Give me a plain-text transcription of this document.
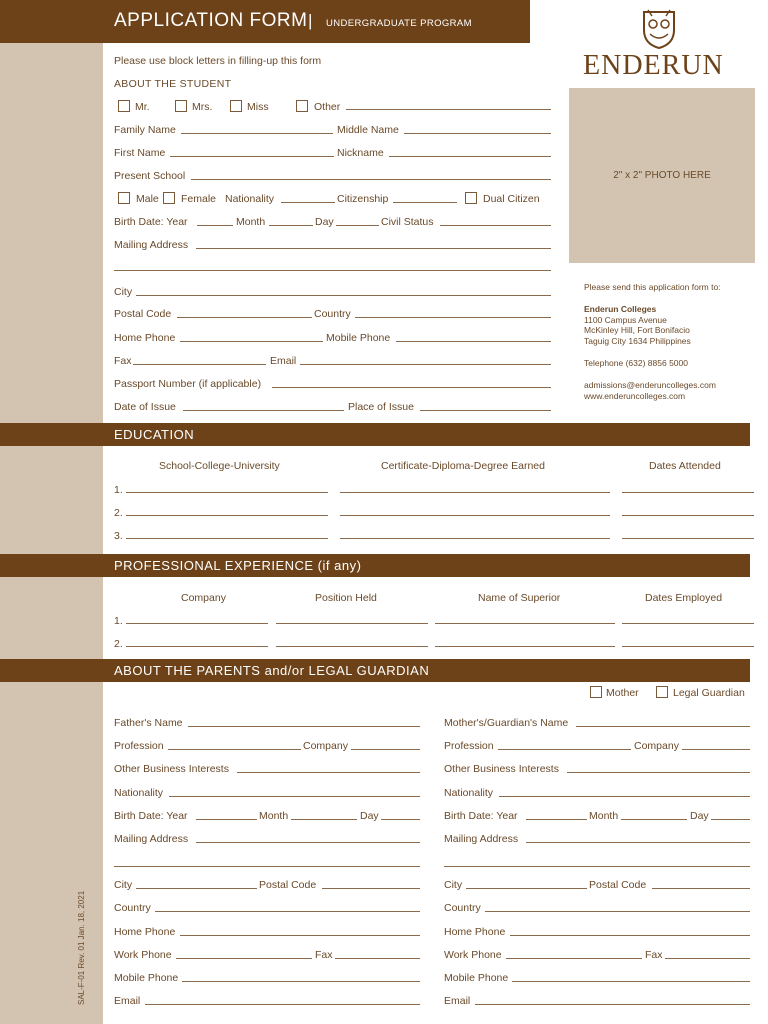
APPLICATION FORM | UNDERGRADUATE PROGRAM
ENDERUN
2" x 2" PHOTO HERE
Please send this application form to:
Enderun Colleges
1100 Campus Avenue
McKinley Hill, Fort Bonifacio
Taguig City 1634 Philippines
Telephone (632) 8856 5000
admissions@enderuncolleges.com
www.enderuncolleges.com
Please use block letters in filling-up this form
ABOUT THE STUDENT
Mr.	Mrs.	Miss	Other
Family Name	Middle Name
First Name	Nickname
Present School
Male Female Nationality	Citizenship	Dual Citizen
Birth Date: Year	Month	Day	Civil Status
Mailing Address
City
Postal Code	Country
Home Phone	Mobile Phone
Fax	Email
Passport Number (if applicable)
Date of Issue	Place of Issue
EDUCATION
School-College-University	Certificate-Diploma-Degree Earned	Dates Attended
1.
2.
3.
PROFESSIONAL EXPERIENCE (if any)
Company	Position Held	Name of Superior	Dates Employed
1.
2.
ABOUT THE PARENTS and/or LEGAL GUARDIAN
Mother	Legal Guardian
Father's Name
Profession	Company
Other Business Interests
Nationality
Birth Date: Year	Month	Day
Mailing Address
City	Postal Code
Country
Home Phone
Work Phone	Fax
Mobile Phone
Email
Mother's/Guardian's Name
Profession	Company
Other Business Interests
Nationality
Birth Date: Year	Month	Day
Mailing Address
City	Postal Code
Country
Home Phone
Work Phone	Fax
Mobile Phone
Email
SAL-F-01 Rev. 01 Jan. 18, 2021
